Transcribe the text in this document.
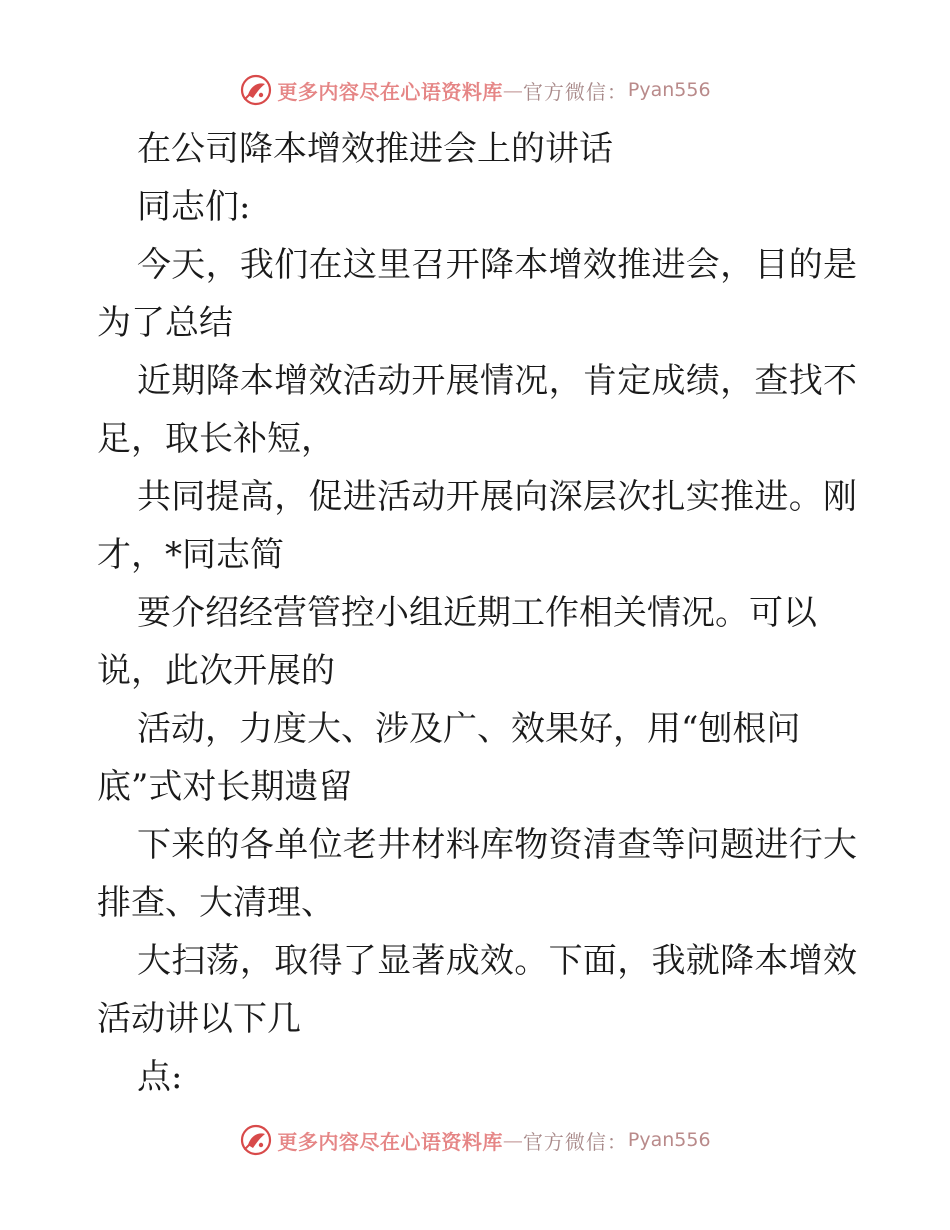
更多内容尽在心语资料库 — 官方微信： Pyan556
在公司降本增效推进会上的讲话
同志们:
今天，我们在这里召开降本增效推进会，目的是
为了总结
近期降本增效活动开展情况，肯定成绩，查找不
足，取长补短，
共同提高，促进活动开展向深层次扎实推进。刚
才，*同志简
要介绍经营管控小组近期工作相关情况。可以
说，此次开展的
活动，力度大、涉及广、效果好，用“刨根问
底”式对长期遗留
下来的各单位老井材料库物资清查等问题进行大
排查、大清理、
大扫荡，取得了显著成效。下面，我就降本增效
活动讲以下几
点:
更多内容尽在心语资料库 — 官方微信： Pyan556
